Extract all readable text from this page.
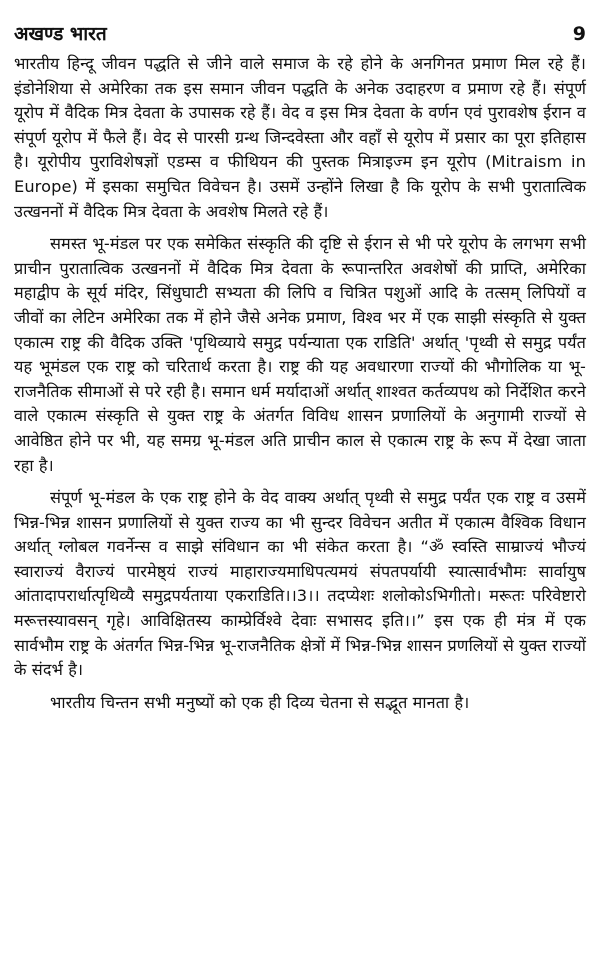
अखण्ड भारत	9

भारतीय हिन्दू जीवन पद्धति से जीने वाले समाज के रहे होने के अनगिनत प्रमाण मिल रहे हैं। इंडोनेशिया से अमेरिका तक इस समान जीवन पद्धति के अनेक उदाहरण व प्रमाण रहे हैं। संपूर्ण यूरोप में वैदिक मित्र देवता के उपासक रहे हैं। वेद व इस मित्र देवता के वर्णन एवं पुरावशेष ईरान व संपूर्ण यूरोप में फैले हैं। वेद से पारसी ग्रन्थ जिन्दवेस्ता और वहाँ से यूरोप में प्रसार का पूरा इतिहास है। यूरोपीय पुराविशेषज्ञों एडम्स व फीथियन की पुस्तक मित्राइज्म इन यूरोप (Mitraism in Europe) में इसका समुचित विवेचन है। उसमें उन्होंने लिखा है कि यूरोप के सभी पुरातात्विक उत्खननों में वैदिक मित्र देवता के अवशेष मिलते रहे हैं।

समस्त भू-मंडल पर एक समेकित संस्कृति की दृष्टि से ईरान से भी परे यूरोप के लगभग सभी प्राचीन पुरातात्विक उत्खननों में वैदिक मित्र देवता के रूपान्तरित अवशेषों की प्राप्ति, अमेरिका महाद्वीप के सूर्य मंदिर, सिंधुघाटी सभ्यता की लिपि व चित्रित पशुओं आदि के तत्सम् लिपियों व जीवों का लेटिन अमेरिका तक में होने जैसे अनेक प्रमाण, विश्व भर में एक साझी संस्कृति से युक्त एकात्म राष्ट्र की वैदिक उक्ति 'पृथिव्याये समुद्र पर्यन्याता एक राडिति' अर्थात् 'पृथ्वी से समुद्र पर्यंत यह भूमंडल एक राष्ट्र को चरितार्थ करता है। राष्ट्र की यह अवधारणा राज्यों की भौगोलिक या भू-राजनैतिक सीमाओं से परे रही है। समान धर्म मर्यादाओं अर्थात् शाश्वत कर्तव्यपथ को निर्देशित करने वाले एकात्म संस्कृति से युक्त राष्ट्र के अंतर्गत विविध शासन प्रणालियों के अनुगामी राज्यों से आवेष्ठित होने पर भी, यह समग्र भू-मंडल अति प्राचीन काल से एकात्म राष्ट्र के रूप में देखा जाता रहा है।

संपूर्ण भू-मंडल के एक राष्ट्र होने के वेद वाक्य अर्थात् पृथ्वी से समुद्र पर्यंत एक राष्ट्र व उसमें भिन्न-भिन्न शासन प्रणालियों से युक्त राज्य का भी सुन्दर विवेचन अतीत में एकात्म वैश्विक विधान अर्थात् ग्लोबल गवर्नेन्स व साझे संविधान का भी संकेत करता है। “ॐ स्वस्ति साम्राज्यं भौज्यं स्वाराज्यं वैराज्यं पारमेष्ठ्यं राज्यं माहाराज्यमाधिपत्यमयं संपतपर्यायी स्यात्सार्वभौमः सार्वायुष आंतादापरार्धात्पृथिव्यै समुद्रपर्यताया एकराडिति।।3।। तदप्येशः शलोकोऽभिगीतो। मरूतः परिवेष्टारो मरूत्तस्यावसन् गृहे। आविक्षितस्य काम्प्रेर्विश्वे देवाः सभासद इति।।” इस एक ही मंत्र में एक सार्वभौम राष्ट्र के अंतर्गत भिन्न-भिन्न भू-राजनैतिक क्षेत्रों में भिन्न-भिन्न शासन प्रणलियों से युक्त राज्यों के संदर्भ है।

भारतीय चिन्तन सभी मनुष्यों को एक ही दिव्य चेतना से सद्भूत मानता है।
